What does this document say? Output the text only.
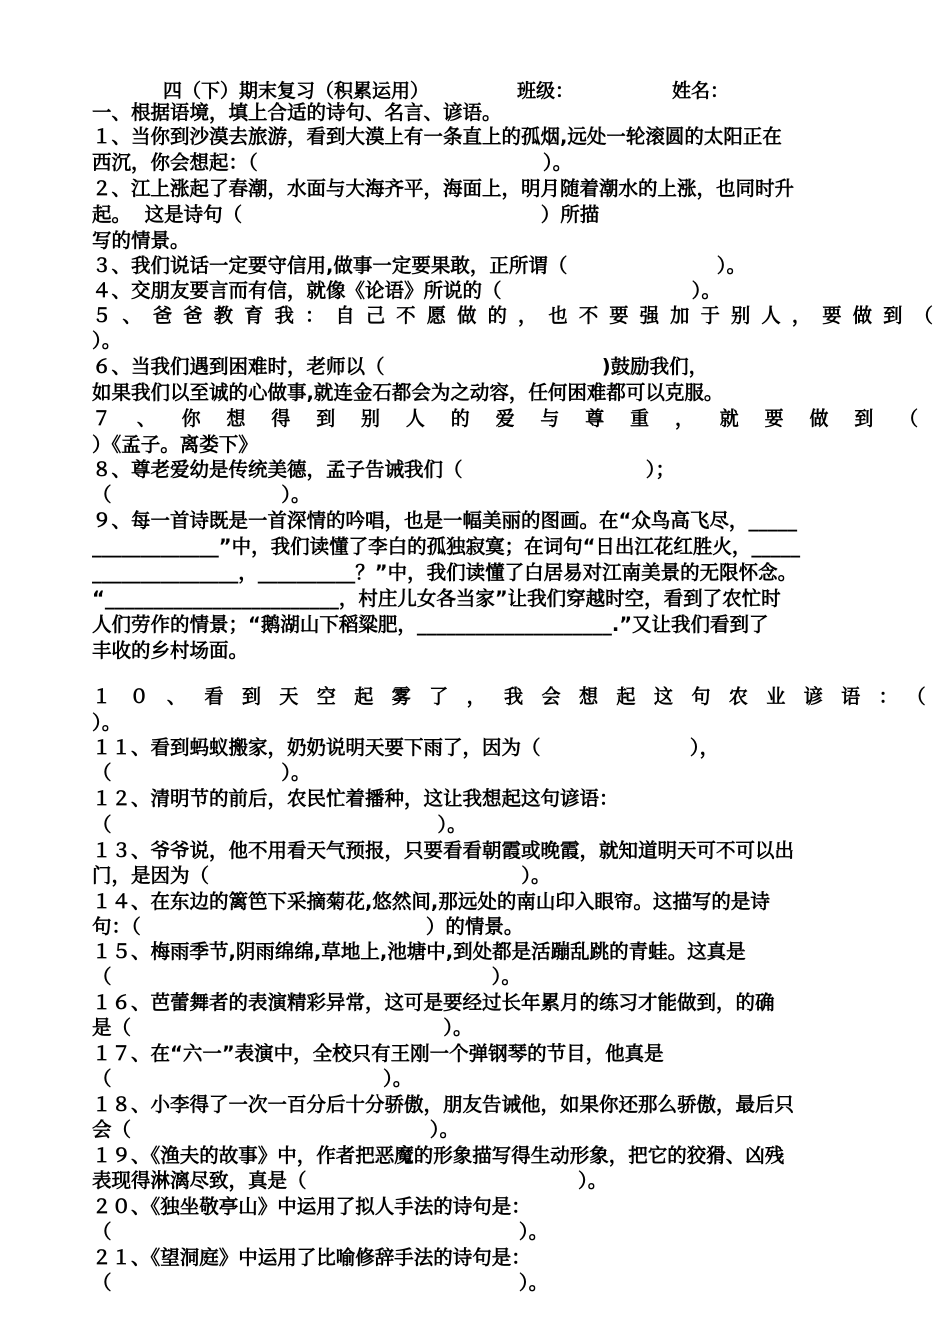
四（下）期末复习（积累运用）	班级：	姓名：
一、根据语境，填上合适的诗句、名言、谚语。
１、当你到沙漠去旅游，看到大漠上有一条直上的孤烟,远处一轮滚圆的太阳正在
西沉，你会想起：（                                          ）。
２、江上涨起了春潮，水面与大海齐平，海面上，明月随着潮水的上涨，也同时升
起。  这是诗句（                                            ）所描
写的情景。
３、我们说话一定要守信用,做事一定要果敢，正所谓（                      ）。
４、交朋友要言而有信，就像《论语》所说的（                            ）。
５、爸爸教育我：自己不愿做的，也不要强加于别人，要做到（
）。
６、当我们遇到困难时，老师以（                                )鼓励我们，
如果我们以至诚的心做事,就连金石都会为之动容，任何困难都可以克服。
７、你想得到别人的爱与尊重，就要做到（
）《孟子。离娄下》
８、尊老爱幼是传统美德，孟子告诫我们（                           ）；
（                         ）。
９、每一首诗既是一首深情的吟唱，也是一幅美丽的图画。在“众鸟高飞尽，_____
_____________”中，我们读懂了李白的孤独寂寞；在词句“日出江花红胜火，_____
_______________，__________？”中，我们读懂了白居易对江南美景的无限怀念。
“________________________，村庄儿女各当家”让我们穿越时空，看到了农忙时
人们劳作的情景；“鹅湖山下稻粱肥，____________________.”又让我们看到了
丰收的乡村场面。
１０、看到天空起雾了，我会想起这句农业谚语：（
）。
１１、看到蚂蚁搬家，奶奶说明天要下雨了，因为（                      ），
（                         ）。
１２、清明节的前后，农民忙着播种，这让我想起这句谚语：
（                                                ）。
１３、爷爷说，他不用看天气预报，只要看看朝霞或晚霞，就知道明天可不可以出
门，是因为（                                              ）。
１４、在东边的篱笆下采摘菊花,悠然间,那远处的南山印入眼帘。这描写的是诗
句：（                                          ）的情景。
１５、梅雨季节,阴雨绵绵,草地上,池塘中,到处都是活蹦乱跳的青蛙。这真是
（                                                        ）。
１６、芭蕾舞者的表演精彩异常，这可是要经过长年累月的练习才能做到，的确
是（                                              ）。
１７、在“六一”表演中，全校只有王刚一个弹钢琴的节目，他真是
（                                        ）。
１８、小李得了一次一百分后十分骄傲，朋友告诫他，如果你还那么骄傲，最后只
会（                                            ）。
１９、《渔夫的故事》中，作者把恶魔的形象描写得生动形象，把它的狡猾、凶残
表现得淋漓尽致，真是（                                        ）。
２０、《独坐敬亭山》中运用了拟人手法的诗句是：
（                                                            ）。
２１、《望洞庭》中运用了比喻修辞手法的诗句是：
（                                                            ）。
